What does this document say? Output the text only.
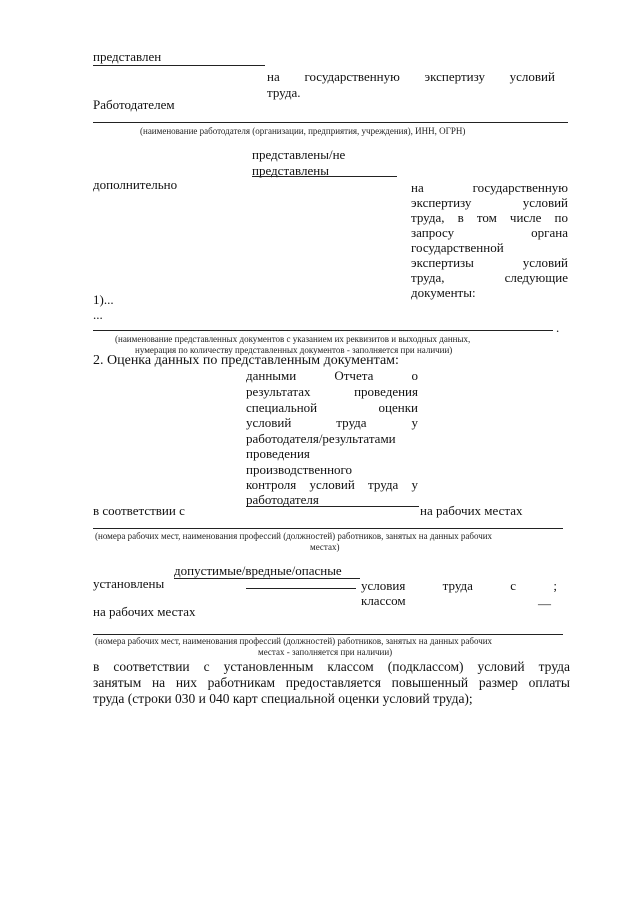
представлен
на государственную экспертизу условий
труда.
Работодателем
(наименование работодателя (организации, предприятия, учреждения), ИНН, ОГРН)
представлены/не
представлены
дополнительно	на	государственную
экспертизу	условий
труда, в том числе по
запросу	органа
государственной
экспертизы	условий
труда,	следующие
документы:
1)...
...
.
(наименование представленных документов с указанием их реквизитов и выходных данных,
нумерация по количеству представленных документов - заполняется при наличии)
2. Оценка данных по представленным документам:
данными	Отчета	о
результатах	проведения
специальной	оценки
условий	труда	у
работодателя/результатами
проведения
производственного
контроля условий труда у
работодателя
в соответствии с	на рабочих местах
(номера рабочих мест, наименования профессий (должностей) работников, занятых на данных рабочих
местах)
допустимые/вредные/опасные
установлены	условия	труда	с	;
классом	—
на рабочих местах
(номера рабочих мест, наименования профессий (должностей) работников, занятых на данных рабочих
местах - заполняется при наличии)
в соответствии с установленным классом (подклассом) условий труда
занятым на них работникам предоставляется повышенный размер оплаты
труда (строки 030 и 040 карт специальной оценки условий труда);
